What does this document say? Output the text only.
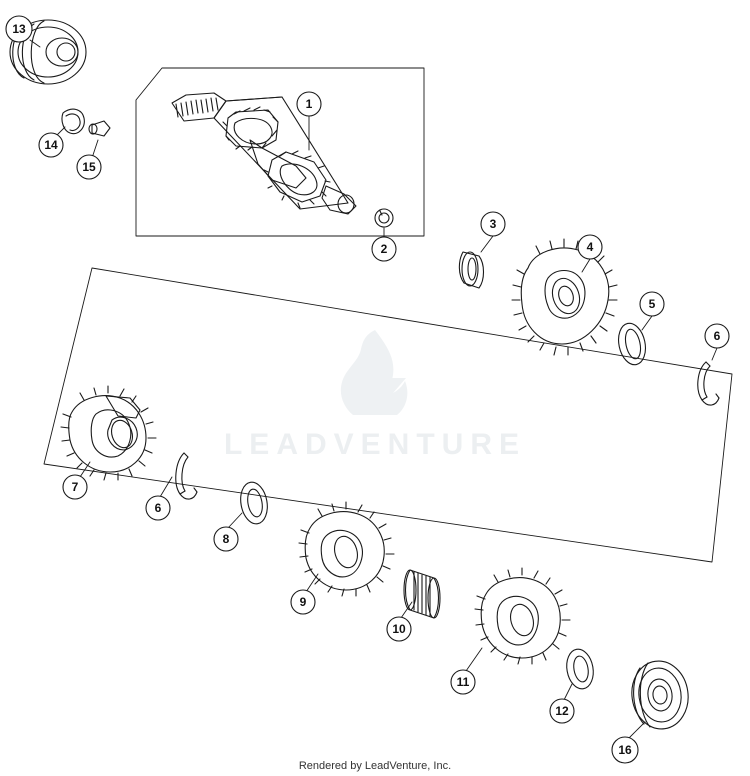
LEADVENTURE
1
2
3
4
5
6
7
6
8
9
10
11
12
13
14
15
16
Rendered by LeadVenture, Inc.
